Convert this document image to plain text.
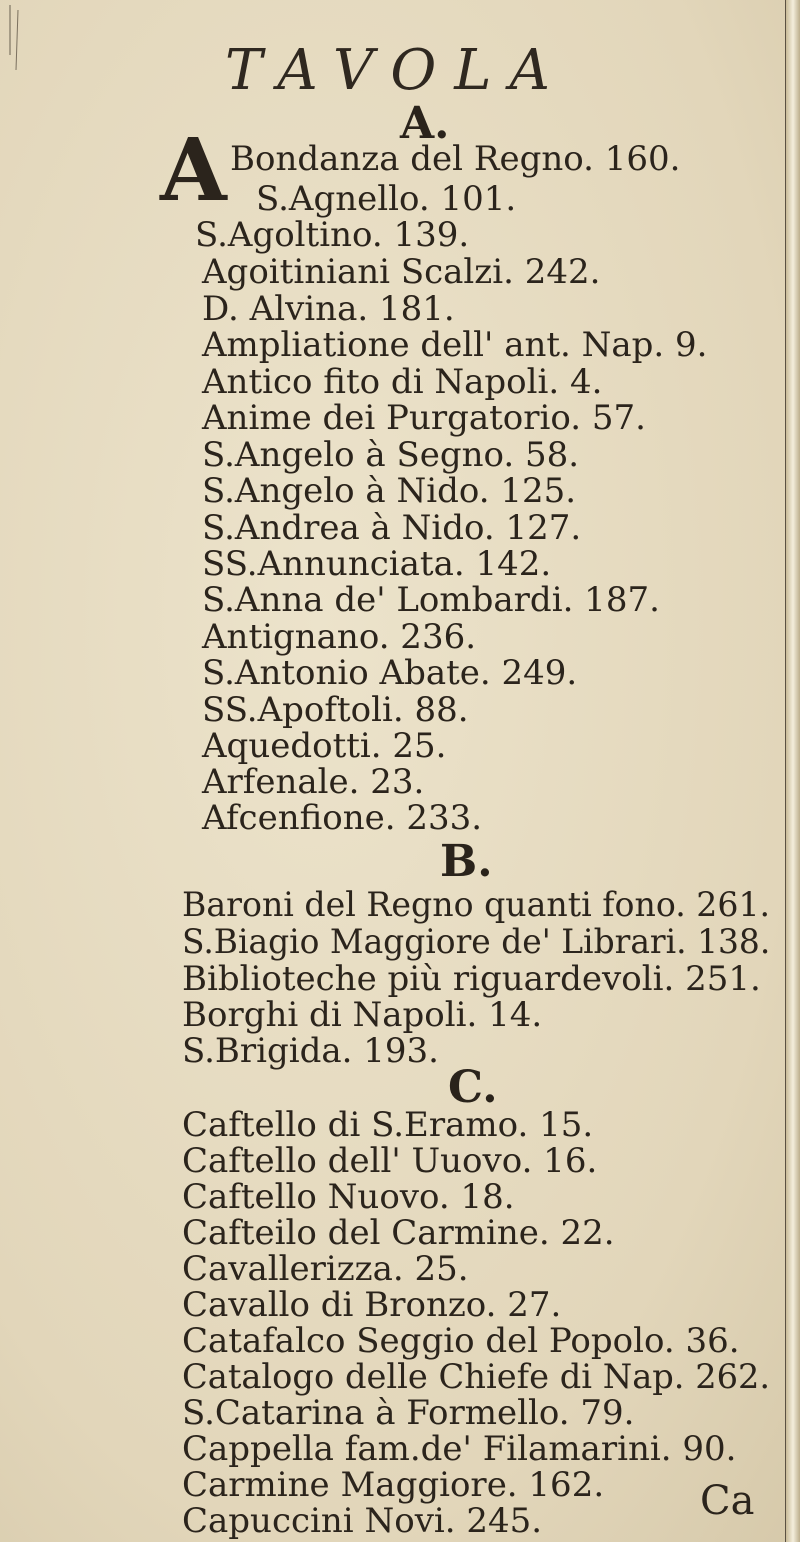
TAVOLA
A.
A Bondanza del Regno. 160.
S.Agnello. 101.
S.Agoltino. 139.
Agoitiniani Scalzi. 242.
D. Alvina. 181.
Ampliatione dell' ant. Nap. 9.
Antico fito di Napoli. 4.
Anime dei Purgatorio. 57.
S.Angelo à Segno. 58.
S.Angelo à Nido. 125.
S.Andrea à Nido. 127.
SS.Annunciata. 142.
S.Anna de' Lombardi. 187.
Antignano. 236.
S.Antonio Abate. 249.
SS.Apoftoli. 88.
Aquedotti. 25.
Arfenale. 23.
Afcenfione. 233.
B.
Baroni del Regno quanti fono. 261.
S.Biagio Maggiore de' Librari. 138.
Biblioteche più riguardevoli. 251.
Borghi di Napoli. 14.
S.Brigida. 193.
C.
Caftello di S.Eramo. 15.
Caftello dell' Uuovo. 16.
Caftello Nuovo. 18.
Cafteilo del Carmine. 22.
Cavallerizza. 25.
Cavallo di Bronzo. 27.
Catafalco Seggio del Popolo. 36.
Catalogo delle Chiefe di Nap. 262.
S.Catarina à Formello. 79.
Cappella fam.de' Filamarini. 90.
Carmine Maggiore. 162.
Capuccini Novi. 245.	Ca
